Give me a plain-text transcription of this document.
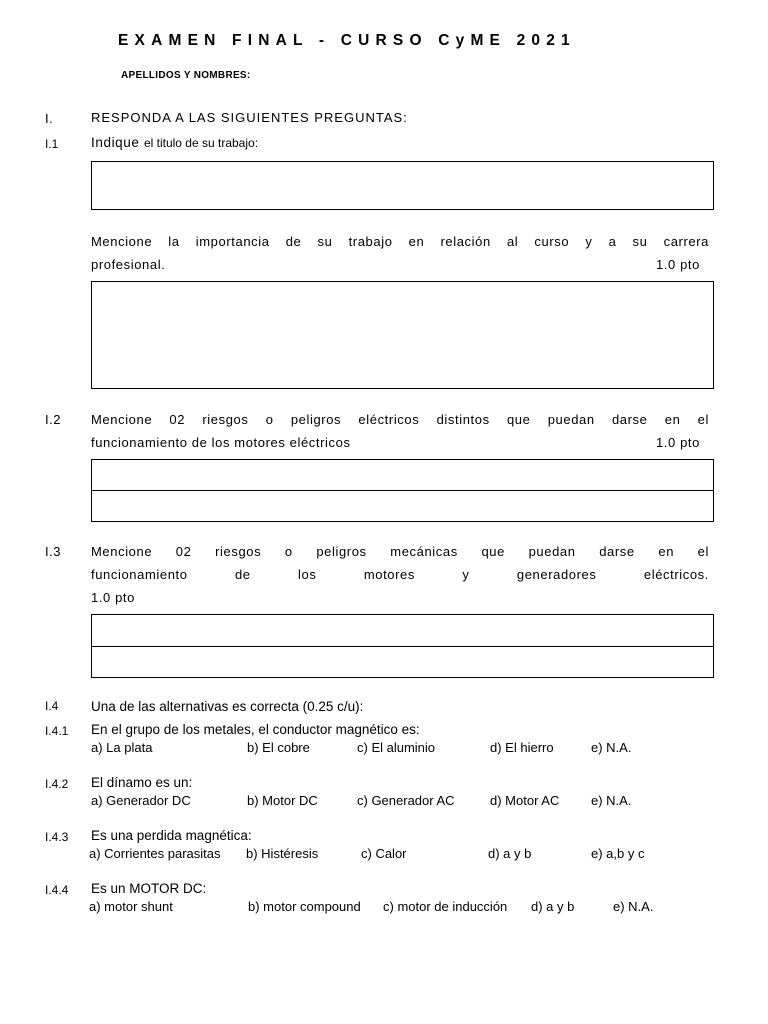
EXAMEN FINAL - CURSO CyME 2021
APELLIDOS Y NOMBRES:
I.	RESPONDA A LAS SIGUIENTES PREGUNTAS:
I.1 Indique el titulo de su trabajo:
Mencione la importancia de su trabajo en relación al curso y a su carrera
profesional.	1.0 pto
I.2 Mencione 02 riesgos o peligros eléctricos distintos que puedan darse en el
funcionamiento de los motores eléctricos	1.0 pto
I.3 Mencione 02 riesgos o peligros mecánicas que puedan darse en el
funcionamiento de los motores y generadores eléctricos.
1.0 pto
I.4 Una de las alternativas es correcta (0.25 c/u):
I.4.1 En el grupo de los metales, el conductor magnético es:
a) La plata	b) El cobre	c) El aluminio	d) El hierro	e) N.A.
I.4.2 El dínamo es un:
a) Generador DC	b) Motor DC	c) Generador AC	d) Motor AC e) N.A.
I.4.3 Es una perdida magnética:
a) Corrientes parasitas b) Histéresis	c) Calor	d) a y b	e) a,b y c
I.4.4 Es un MOTOR DC:
a) motor shunt	b) motor compound c) motor de inducción d) a y b	e) N.A.
